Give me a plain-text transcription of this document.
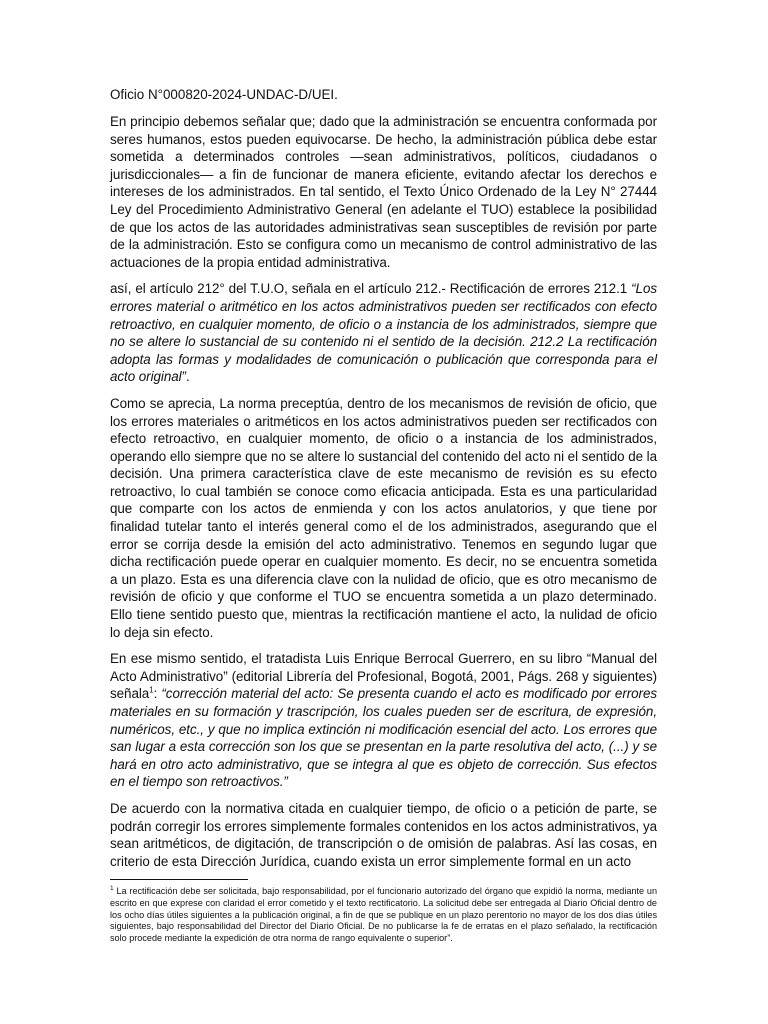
Oficio N°000820-2024-UNDAC-D/UEI.

En principio debemos señalar que; dado que la administración se encuentra conformada por seres humanos, estos pueden equivocarse. De hecho, la administración pública debe estar sometida a determinados controles —sean administrativos, políticos, ciudadanos o jurisdiccionales— a fin de funcionar de manera eficiente, evitando afectar los derechos e intereses de los administrados. En tal sentido, el Texto Único Ordenado de la Ley N° 27444 Ley del Procedimiento Administrativo General (en adelante el TUO) establece la posibilidad de que los actos de las autoridades administrativas sean susceptibles de revisión por parte de la administración. Esto se configura como un mecanismo de control administrativo de las actuaciones de la propia entidad administrativa.

así, el artículo 212° del T.U.O, señala en el artículo 212.- Rectificación de errores 212.1 “Los errores material o aritmético en los actos administrativos pueden ser rectificados con efecto retroactivo, en cualquier momento, de oficio o a instancia de los administrados, siempre que no se altere lo sustancial de su contenido ni el sentido de la decisión. 212.2 La rectificación adopta las formas y modalidades de comunicación o publicación que corresponda para el acto original”.

Como se aprecia, La norma preceptúa, dentro de los mecanismos de revisión de oficio, que los errores materiales o aritméticos en los actos administrativos pueden ser rectificados con efecto retroactivo, en cualquier momento, de oficio o a instancia de los administrados, operando ello siempre que no se altere lo sustancial del contenido del acto ni el sentido de la decisión. Una primera característica clave de este mecanismo de revisión es su efecto retroactivo, lo cual también se conoce como eficacia anticipada. Esta es una particularidad que comparte con los actos de enmienda y con los actos anulatorios, y que tiene por finalidad tutelar tanto el interés general como el de los administrados, asegurando que el error se corrija desde la emisión del acto administrativo. Tenemos en segundo lugar que dicha rectificación puede operar en cualquier momento. Es decir, no se encuentra sometida a un plazo. Esta es una diferencia clave con la nulidad de oficio, que es otro mecanismo de revisión de oficio y que conforme el TUO se encuentra sometida a un plazo determinado. Ello tiene sentido puesto que, mientras la rectificación mantiene el acto, la nulidad de oficio lo deja sin efecto.

En ese mismo sentido, el tratadista Luis Enrique Berrocal Guerrero, en su libro “Manual del Acto Administrativo” (editorial Librería del Profesional, Bogotá, 2001, Págs. 268 y siguientes) señala$^1$: “corrección material del acto: Se presenta cuando el acto es modificado por errores materiales en su formación y trascripción, los cuales pueden ser de escritura, de expresión, numéricos, etc., y que no implica extinción ni modificación esencial del acto. Los errores que san lugar a esta corrección son los que se presentan en la parte resolutiva del acto, (...) y se hará en otro acto administrativo, que se integra al que es objeto de corrección. Sus efectos en el tiempo son retroactivos.”

De acuerdo con la normativa citada en cualquier tiempo, de oficio o a petición de parte, se podrán corregir los errores simplemente formales contenidos en los actos administrativos, ya sean aritméticos, de digitación, de transcripción o de omisión de palabras. Así las cosas, en criterio de esta Dirección Jurídica, cuando exista un error simplemente formal en un acto

$^1$ La rectificación debe ser solicitada, bajo responsabilidad, por el funcionario autorizado del órgano que expidió la norma, mediante un escrito en que exprese con claridad el error cometido y el texto rectificatorio. La solicitud debe ser entregada al Diario Oficial dentro de los ocho días útiles siguientes a la publicación original, a fin de que se publique en un plazo perentorio no mayor de los dos días útiles siguientes, bajo responsabilidad del Director del Diario Oficial. De no publicarse la fe de erratas en el plazo señalado, la rectificación solo procede mediante la expedición de otra norma de rango equivalente o superior”.
